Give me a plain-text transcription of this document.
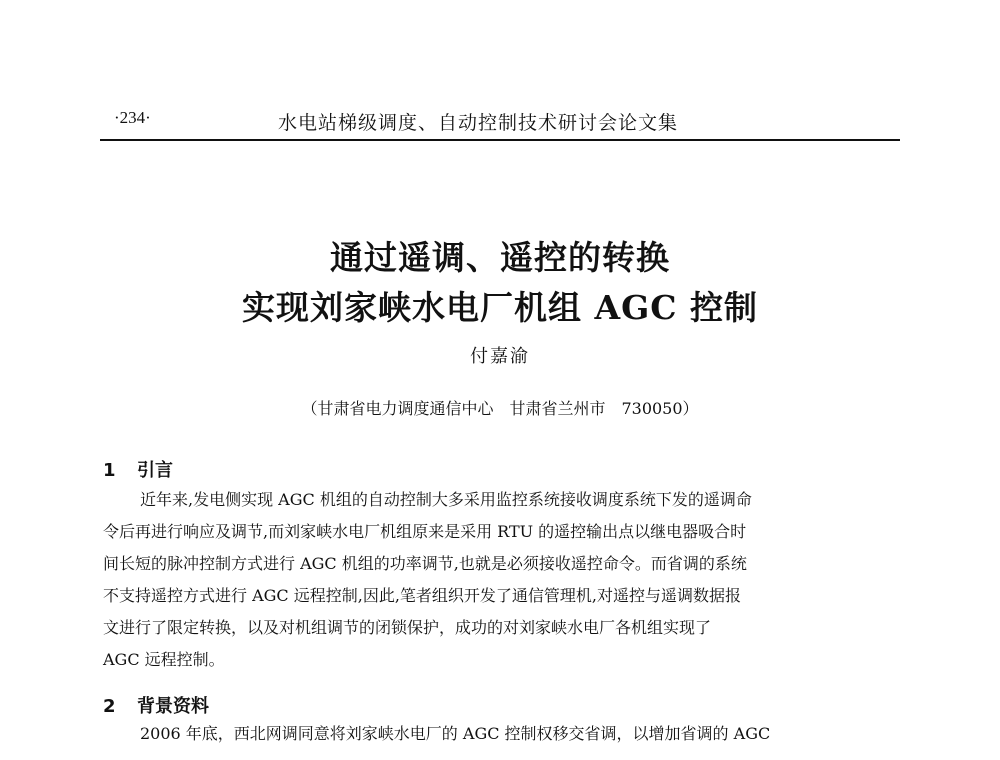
·234·	水电站梯级调度、自动控制技术研讨会论文集
通过遥调、遥控的转换
实现刘家峡水电厂机组 AGC 控制
付嘉渝
（甘肃省电力调度通信中心　甘肃省兰州市　730050）
1 引言
近年来,发电侧实现 AGC 机组的自动控制大多采用监控系统接收调度系统下发的遥调命
令后再进行响应及调节,而刘家峡水电厂机组原来是采用 RTU 的遥控输出点以继电器吸合时
间长短的脉冲控制方式进行 AGC 机组的功率调节,也就是必须接收遥控命令。而省调的系统
不支持遥控方式进行 AGC 远程控制,因此,笔者组织开发了通信管理机,对遥控与遥调数据报
文进行了限定转换，以及对机组调节的闭锁保护，成功的对刘家峡水电厂各机组实现了
AGC 远程控制。
2 背景资料
2006 年底，西北网调同意将刘家峡水电厂的 AGC 控制权移交省调，以增加省调的 AGC
